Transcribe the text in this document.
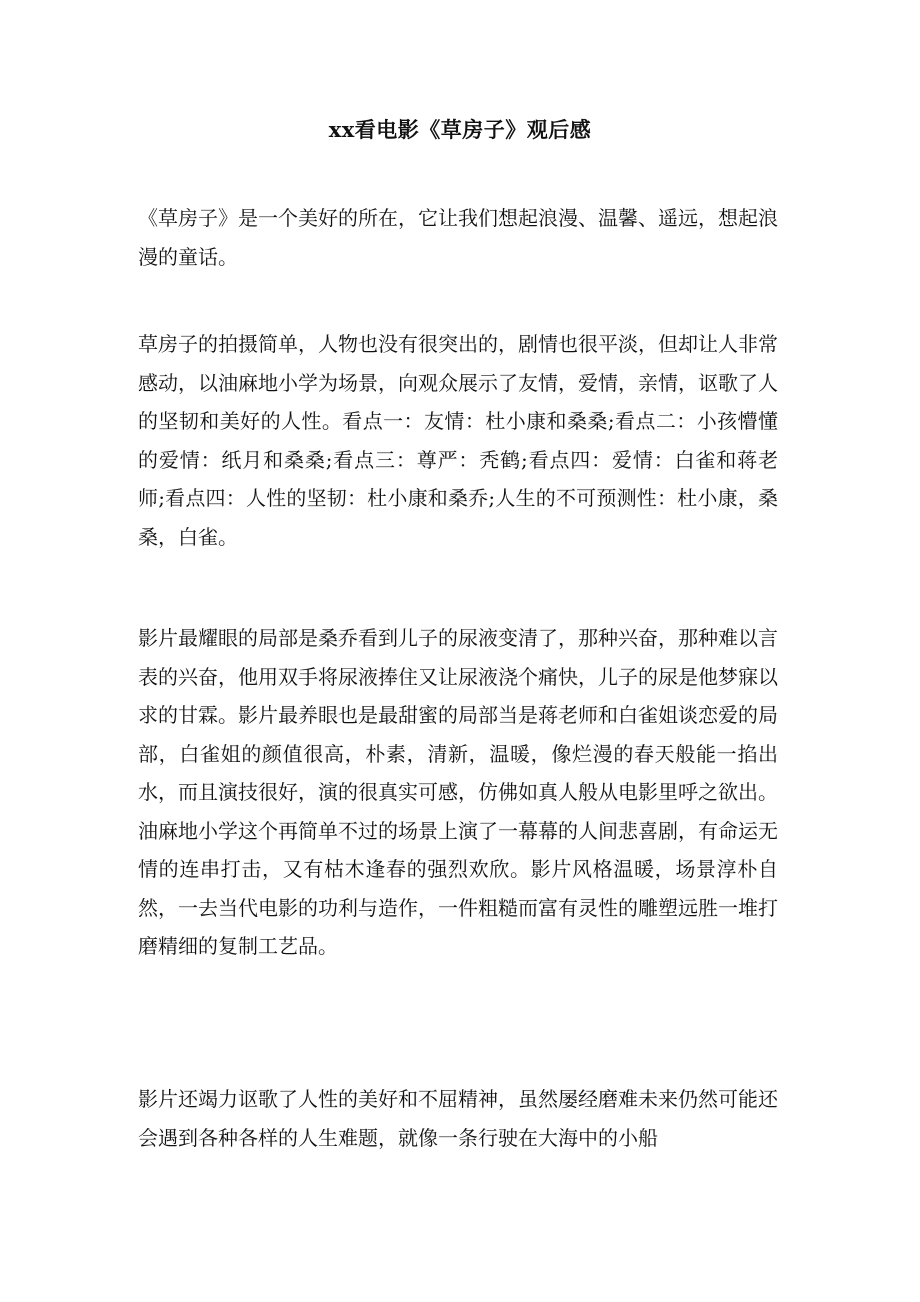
xx看电影《草房子》观后感

《草房子》是一个美好的所在，它让我们想起浪漫、温馨、遥远，想起浪漫的童话。

草房子的拍摄简单，人物也没有很突出的，剧情也很平淡，但却让人非常感动，以油麻地小学为场景，向观众展示了友情，爱情，亲情，讴歌了人的坚韧和美好的人性。看点一：友情：杜小康和桑桑;看点二：小孩懵懂的爱情：纸月和桑桑;看点三：尊严：秃鹤;看点四：爱情：白雀和蒋老师;看点四：人性的坚韧：杜小康和桑乔;人生的不可预测性：杜小康，桑桑，白雀。

影片最耀眼的局部是桑乔看到儿子的尿液变清了，那种兴奋，那种难以言表的兴奋，他用双手将尿液捧住又让尿液浇个痛快，儿子的尿是他梦寐以求的甘霖。影片最养眼也是最甜蜜的局部当是蒋老师和白雀姐谈恋爱的局部，白雀姐的颜值很高，朴素，清新，温暖，像烂漫的春天般能一掐出水，而且演技很好，演的很真实可感，仿佛如真人般从电影里呼之欲出。油麻地小学这个再简单不过的场景上演了一幕幕的人间悲喜剧，有命运无情的连串打击，又有枯木逢春的强烈欢欣。影片风格温暖，场景淳朴自然，一去当代电影的功利与造作，一件粗糙而富有灵性的雕塑远胜一堆打磨精细的复制工艺品。

影片还竭力讴歌了人性的美好和不屈精神，虽然屡经磨难未来仍然可能还会遇到各种各样的人生难题，就像一条行驶在大海中的小船
